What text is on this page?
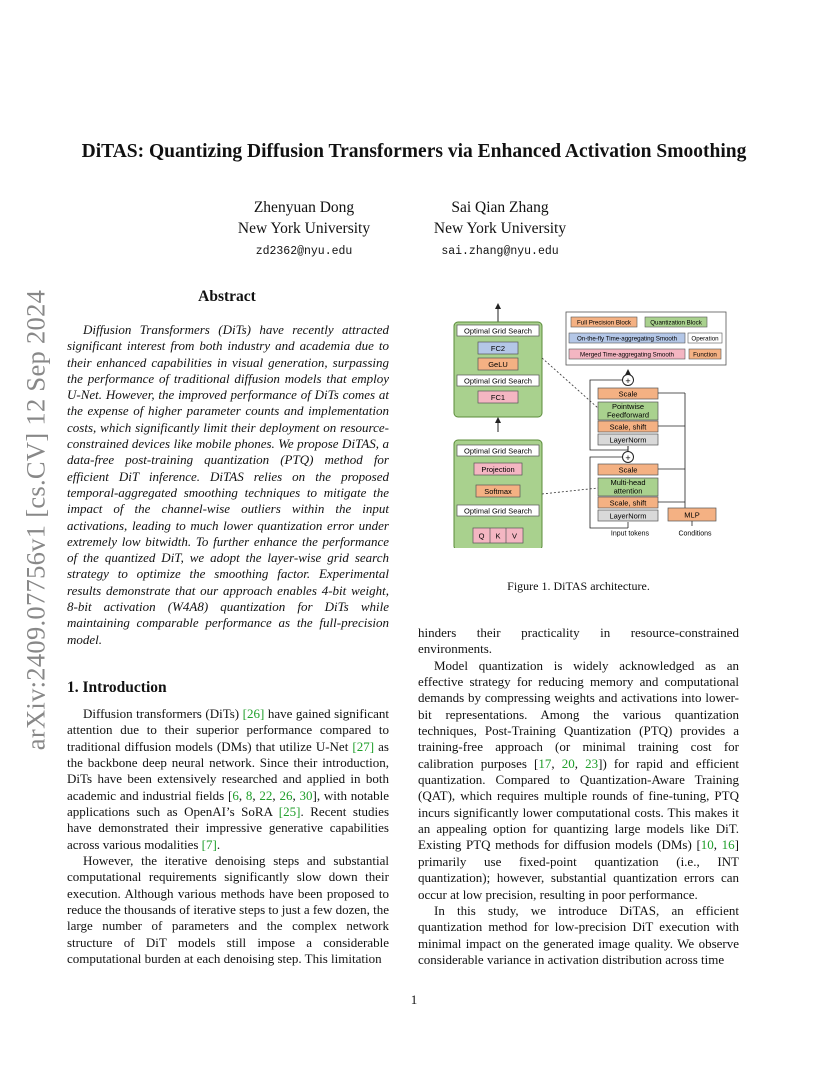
arXiv:2409.07756v1 [cs.CV] 12 Sep 2024
DiTAS: Quantizing Diffusion Transformers via Enhanced Activation Smoothing
Zhenyuan Dong
New York University
zd2362@nyu.edu
Sai Qian Zhang
New York University
sai.zhang@nyu.edu
Abstract
Diffusion Transformers (DiTs) have recently attracted significant interest from both industry and academia due to their enhanced capabilities in visual generation, surpassing the performance of traditional diffusion models that employ U-Net. However, the improved performance of DiTs comes at the expense of higher parameter counts and implementation costs, which significantly limit their deployment on resource-constrained devices like mobile phones. We propose DiTAS, a data-free post-training quantization (PTQ) method for efficient DiT inference. DiTAS relies on the proposed temporal-aggregated smoothing techniques to mitigate the impact of the channel-wise outliers within the input activations, leading to much lower quantization error under extremely low bitwidth. To further enhance the performance of the quantized DiT, we adopt the layer-wise grid search strategy to optimize the smoothing factor. Experimental results demonstrate that our approach enables 4-bit weight, 8-bit activation (W4A8) quantization for DiTs while maintaining comparable performance as the full-precision model.
1. Introduction

Diffusion transformers (DiTs) [26] have gained significant attention due to their superior performance compared to traditional diffusion models (DMs) that utilize U-Net [27] as the backbone deep neural network. Since their introduction, DiTs have been extensively researched and applied in both academic and industrial fields [6, 8, 22, 26, 30], with notable applications such as OpenAI’s SoRA [25]. Recent studies have demonstrated their impressive generative capabilities across various modalities [7].

However, the iterative denoising steps and substantial computational requirements significantly slow down their execution. Although various methods have been proposed to reduce the thousands of iterative steps to just a few dozen, the large number of parameters and the complex network structure of DiT models still impose a considerable computational burden at each denoising step. This limitation

hinders their practicality in resource-constrained environments.

Model quantization is widely acknowledged as an effective strategy for reducing memory and computational demands by compressing weights and activations into lower-bit representations. Among the various quantization techniques, Post-Training Quantization (PTQ) provides a training-free approach (or minimal training cost for calibration purposes [17, 20, 23]) for rapid and efficient quantization. Compared to Quantization-Aware Training (QAT), which requires multiple rounds of fine-tuning, PTQ incurs significantly lower computational costs. This makes it an appealing option for quantizing large models like DiT. Existing PTQ methods for diffusion models (DMs) [10, 16] primarily use fixed-point quantization (i.e., INT quantization); however, substantial quantization errors can occur at low precision, resulting in poor performance.

In this study, we introduce DiTAS, an efficient quantization method for low-precision DiT execution with minimal impact on the generated image quality. We observe considerable variance in activation distribution across time

Optimal Grid Search
FC2
GeLU
Optimal Grid Search
FC1
Optimal Grid Search
Projection
Softmax
Optimal Grid Search
Q K V
Full Precision Block	Quantization Block
On-the-fly Time-aggregating Smooth Operation
Merged Time-aggregating Smooth	Function
+
Scale
Pointwise
Feedforward
Scale, shift
LayerNorm
+
Scale
Multi-head
attention
Scale, shift
LayerNorm	MLP
Input tokens	Conditions
Figure 1. DiTAS architecture.
1
